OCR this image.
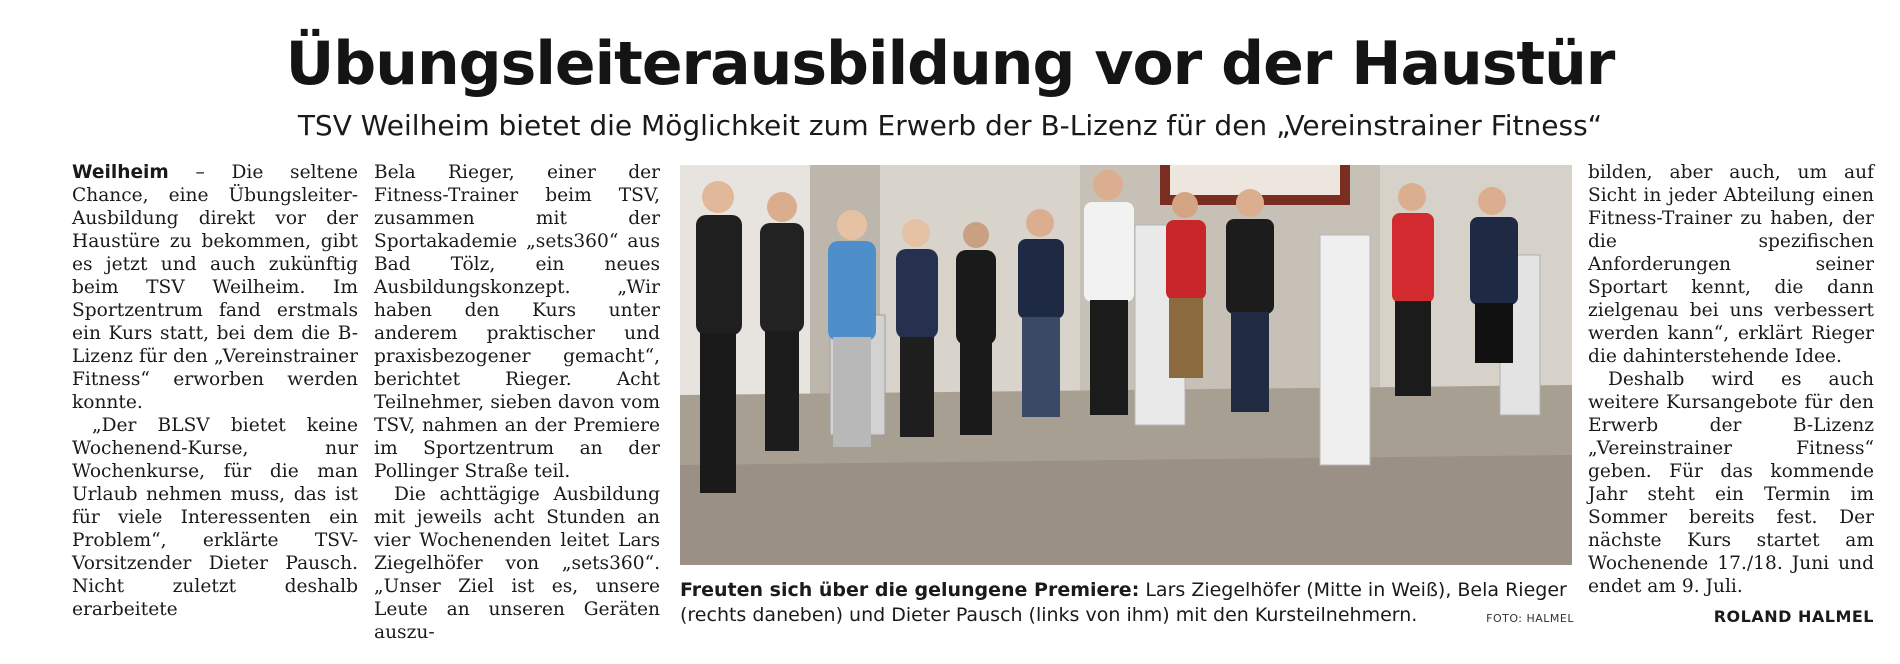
Übungsleiterausbildung vor der Haustür
TSV Weilheim bietet die Möglichkeit zum Erwerb der B-Lizenz für den „Vereinstrainer Fitness“

Weilheim – Die seltene Chance, eine Übungsleiter-Ausbildung direkt vor der Haustüre zu bekommen, gibt es jetzt und auch zukünftig beim TSV Weilheim. Im Sportzentrum fand erstmals ein Kurs statt, bei dem die B-Lizenz für den „Vereinstrainer Fitness“ erworben werden konnte.

„Der BLSV bietet keine Wochenend-Kurse, nur Wochenkurse, für die man Urlaub nehmen muss, das ist für viele Interessenten ein Problem“, erklärte TSV-Vorsitzender Dieter Pausch. Nicht zuletzt deshalb erarbeitete

Bela Rieger, einer der Fitness-Trainer beim TSV, zusammen mit der Sportakademie „sets360“ aus Bad Tölz, ein neues Ausbildungskonzept. „Wir haben den Kurs unter anderem praktischer und praxisbezogener gemacht“, berichtet Rieger. Acht Teilnehmer, sieben davon vom TSV, nahmen an der Premiere im Sportzentrum an der Pollinger Straße teil.

Die achttägige Ausbildung mit jeweils acht Stunden an vier Wochenenden leitet Lars Ziegelhöfer von „sets360“. „Unser Ziel ist es, unsere Leute an unseren Geräten auszu-

Freuten sich über die gelungene Premiere: Lars Ziegelhöfer (Mitte in Weiß), Bela Rieger (rechts daneben) und Dieter Pausch (links von ihm) mit den Kursteilnehmern.	FOTO: HALMEL

bilden, aber auch, um auf Sicht in jeder Abteilung einen Fitness-Trainer zu haben, der die spezifischen Anforderungen seiner Sportart kennt, die dann zielgenau bei uns verbessert werden kann“, erklärt Rieger die dahinterstehende Idee.

Deshalb wird es auch weitere Kursangebote für den Erwerb der B-Lizenz „Vereinstrainer Fitness“ geben. Für das kommende Jahr steht ein Termin im Sommer bereits fest. Der nächste Kurs startet am Wochenende 17./18. Juni und endet am 9. Juli.

ROLAND HALMEL
